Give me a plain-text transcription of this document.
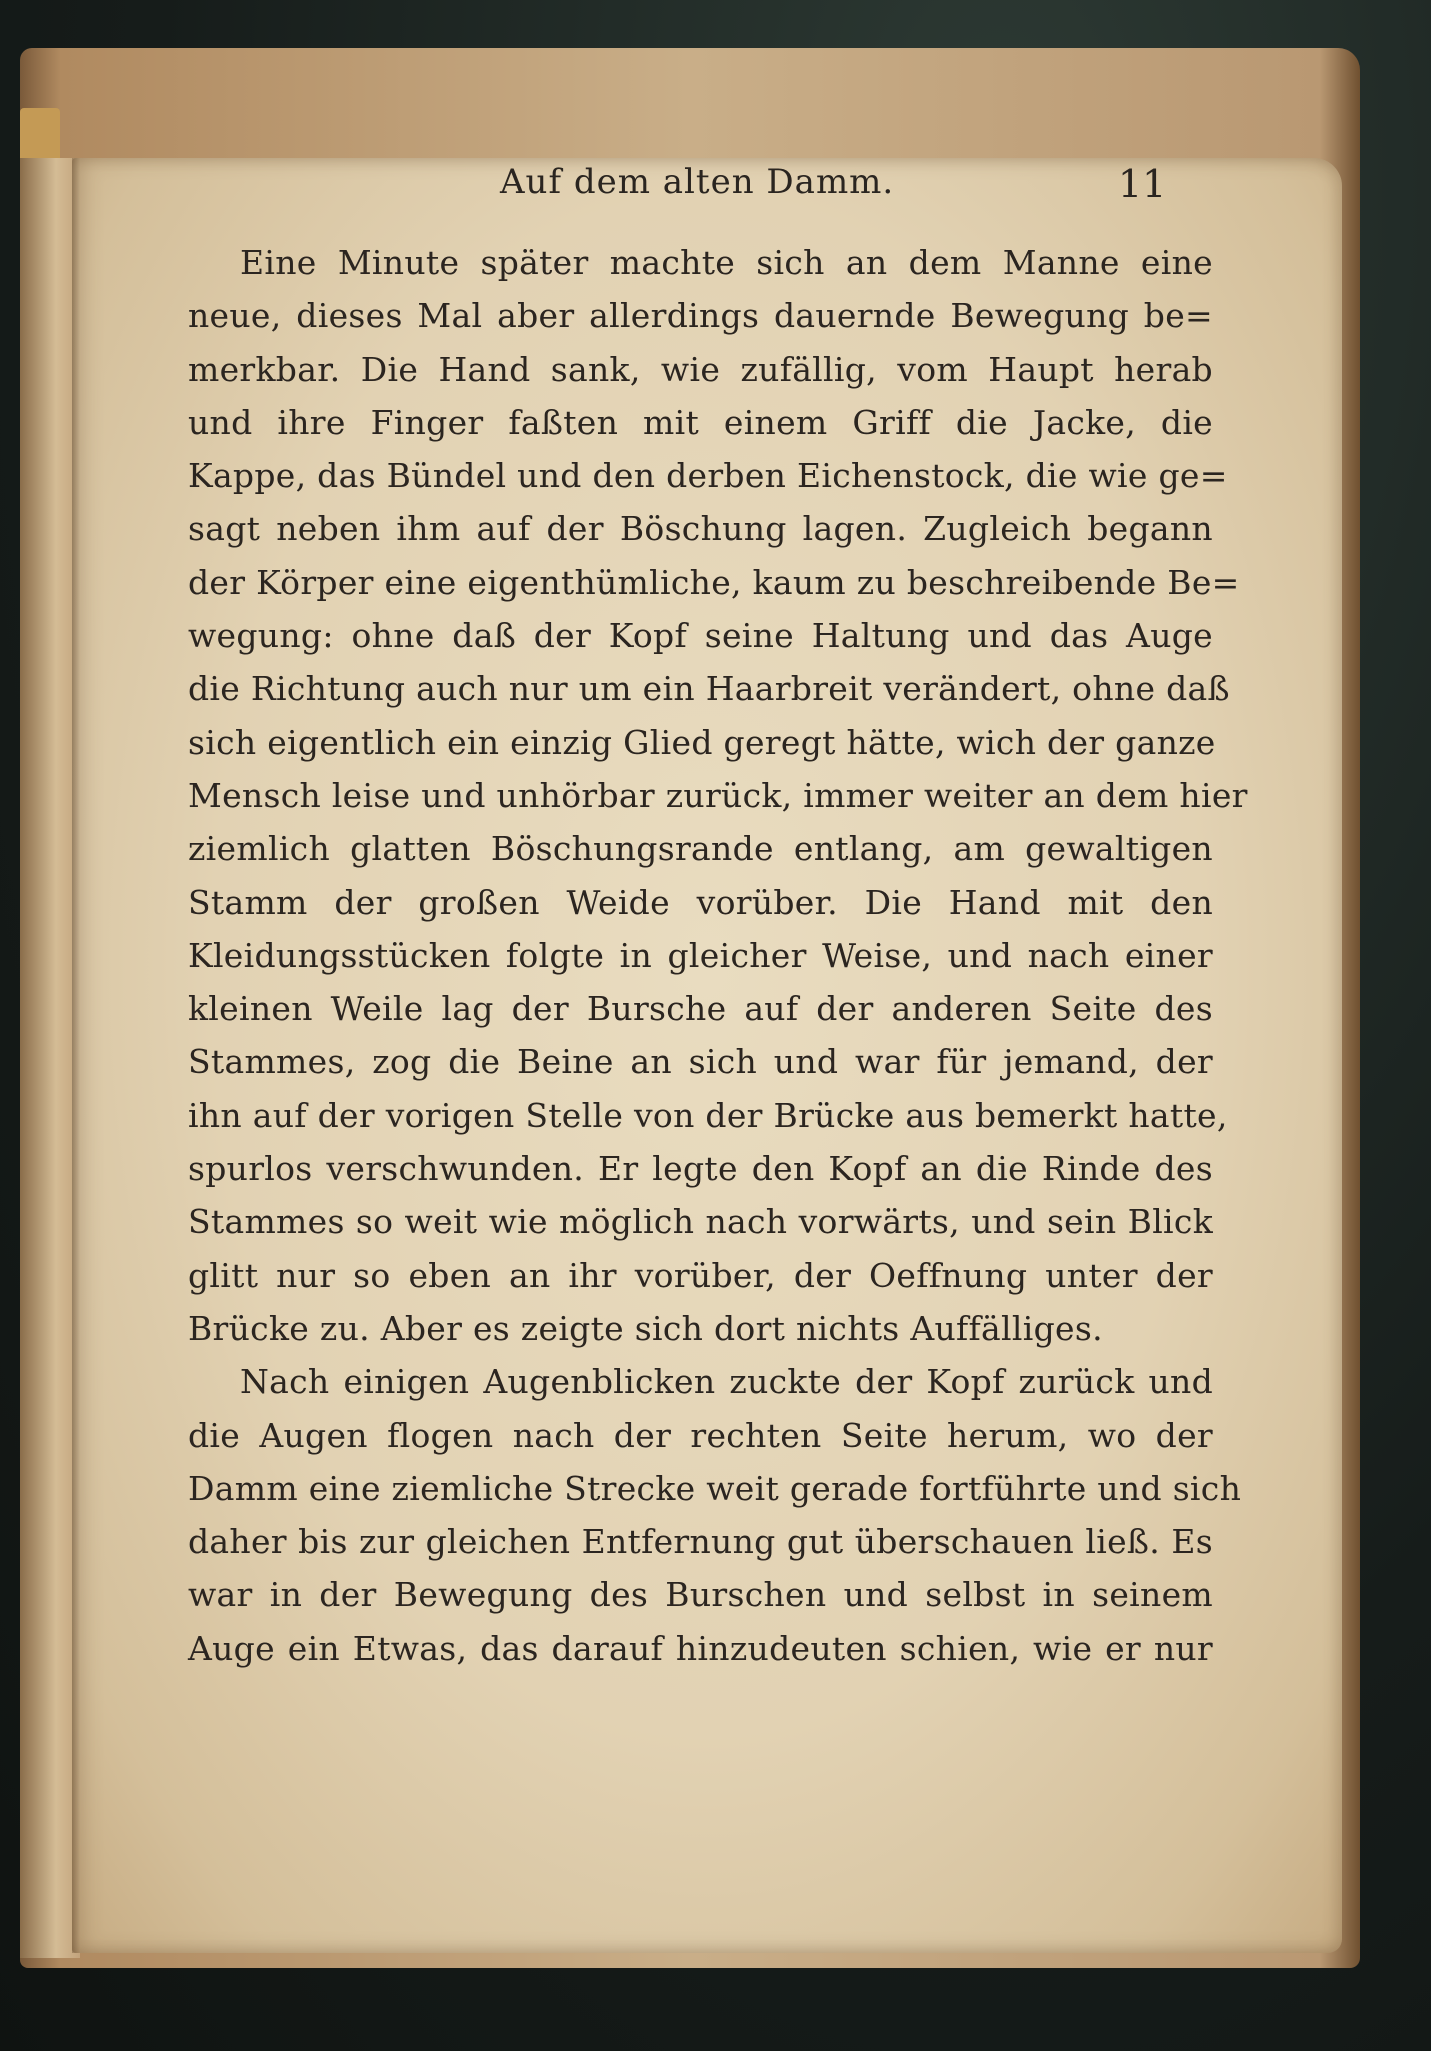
Auf dem alten Damm.	11
Eine Minute später machte sich an dem Manne eine
neue, dieses Mal aber allerdings dauernde Bewegung be=
merkbar. Die Hand sank, wie zufällig, vom Haupt herab
und ihre Finger faßten mit einem Griff die Jacke, die
Kappe, das Bündel und den derben Eichenstock, die wie ge=
sagt neben ihm auf der Böschung lagen. Zugleich begann
der Körper eine eigenthümliche, kaum zu beschreibende Be=
wegung: ohne daß der Kopf seine Haltung und das Auge
die Richtung auch nur um ein Haarbreit verändert, ohne daß
sich eigentlich ein einzig Glied geregt hätte, wich der ganze
Mensch leise und unhörbar zurück, immer weiter an dem hier
ziemlich glatten Böschungsrande entlang, am gewaltigen
Stamm der großen Weide vorüber. Die Hand mit den
Kleidungsstücken folgte in gleicher Weise, und nach einer
kleinen Weile lag der Bursche auf der anderen Seite des
Stammes, zog die Beine an sich und war für jemand, der
ihn auf der vorigen Stelle von der Brücke aus bemerkt hatte,
spurlos verschwunden. Er legte den Kopf an die Rinde des
Stammes so weit wie möglich nach vorwärts, und sein Blick
glitt nur so eben an ihr vorüber, der Oeffnung unter der
Brücke zu. Aber es zeigte sich dort nichts Auffälliges.
Nach einigen Augenblicken zuckte der Kopf zurück und
die Augen flogen nach der rechten Seite herum, wo der
Damm eine ziemliche Strecke weit gerade fortführte und sich
daher bis zur gleichen Entfernung gut überschauen ließ. Es
war in der Bewegung des Burschen und selbst in seinem
Auge ein Etwas, das darauf hinzudeuten schien, wie er nur
